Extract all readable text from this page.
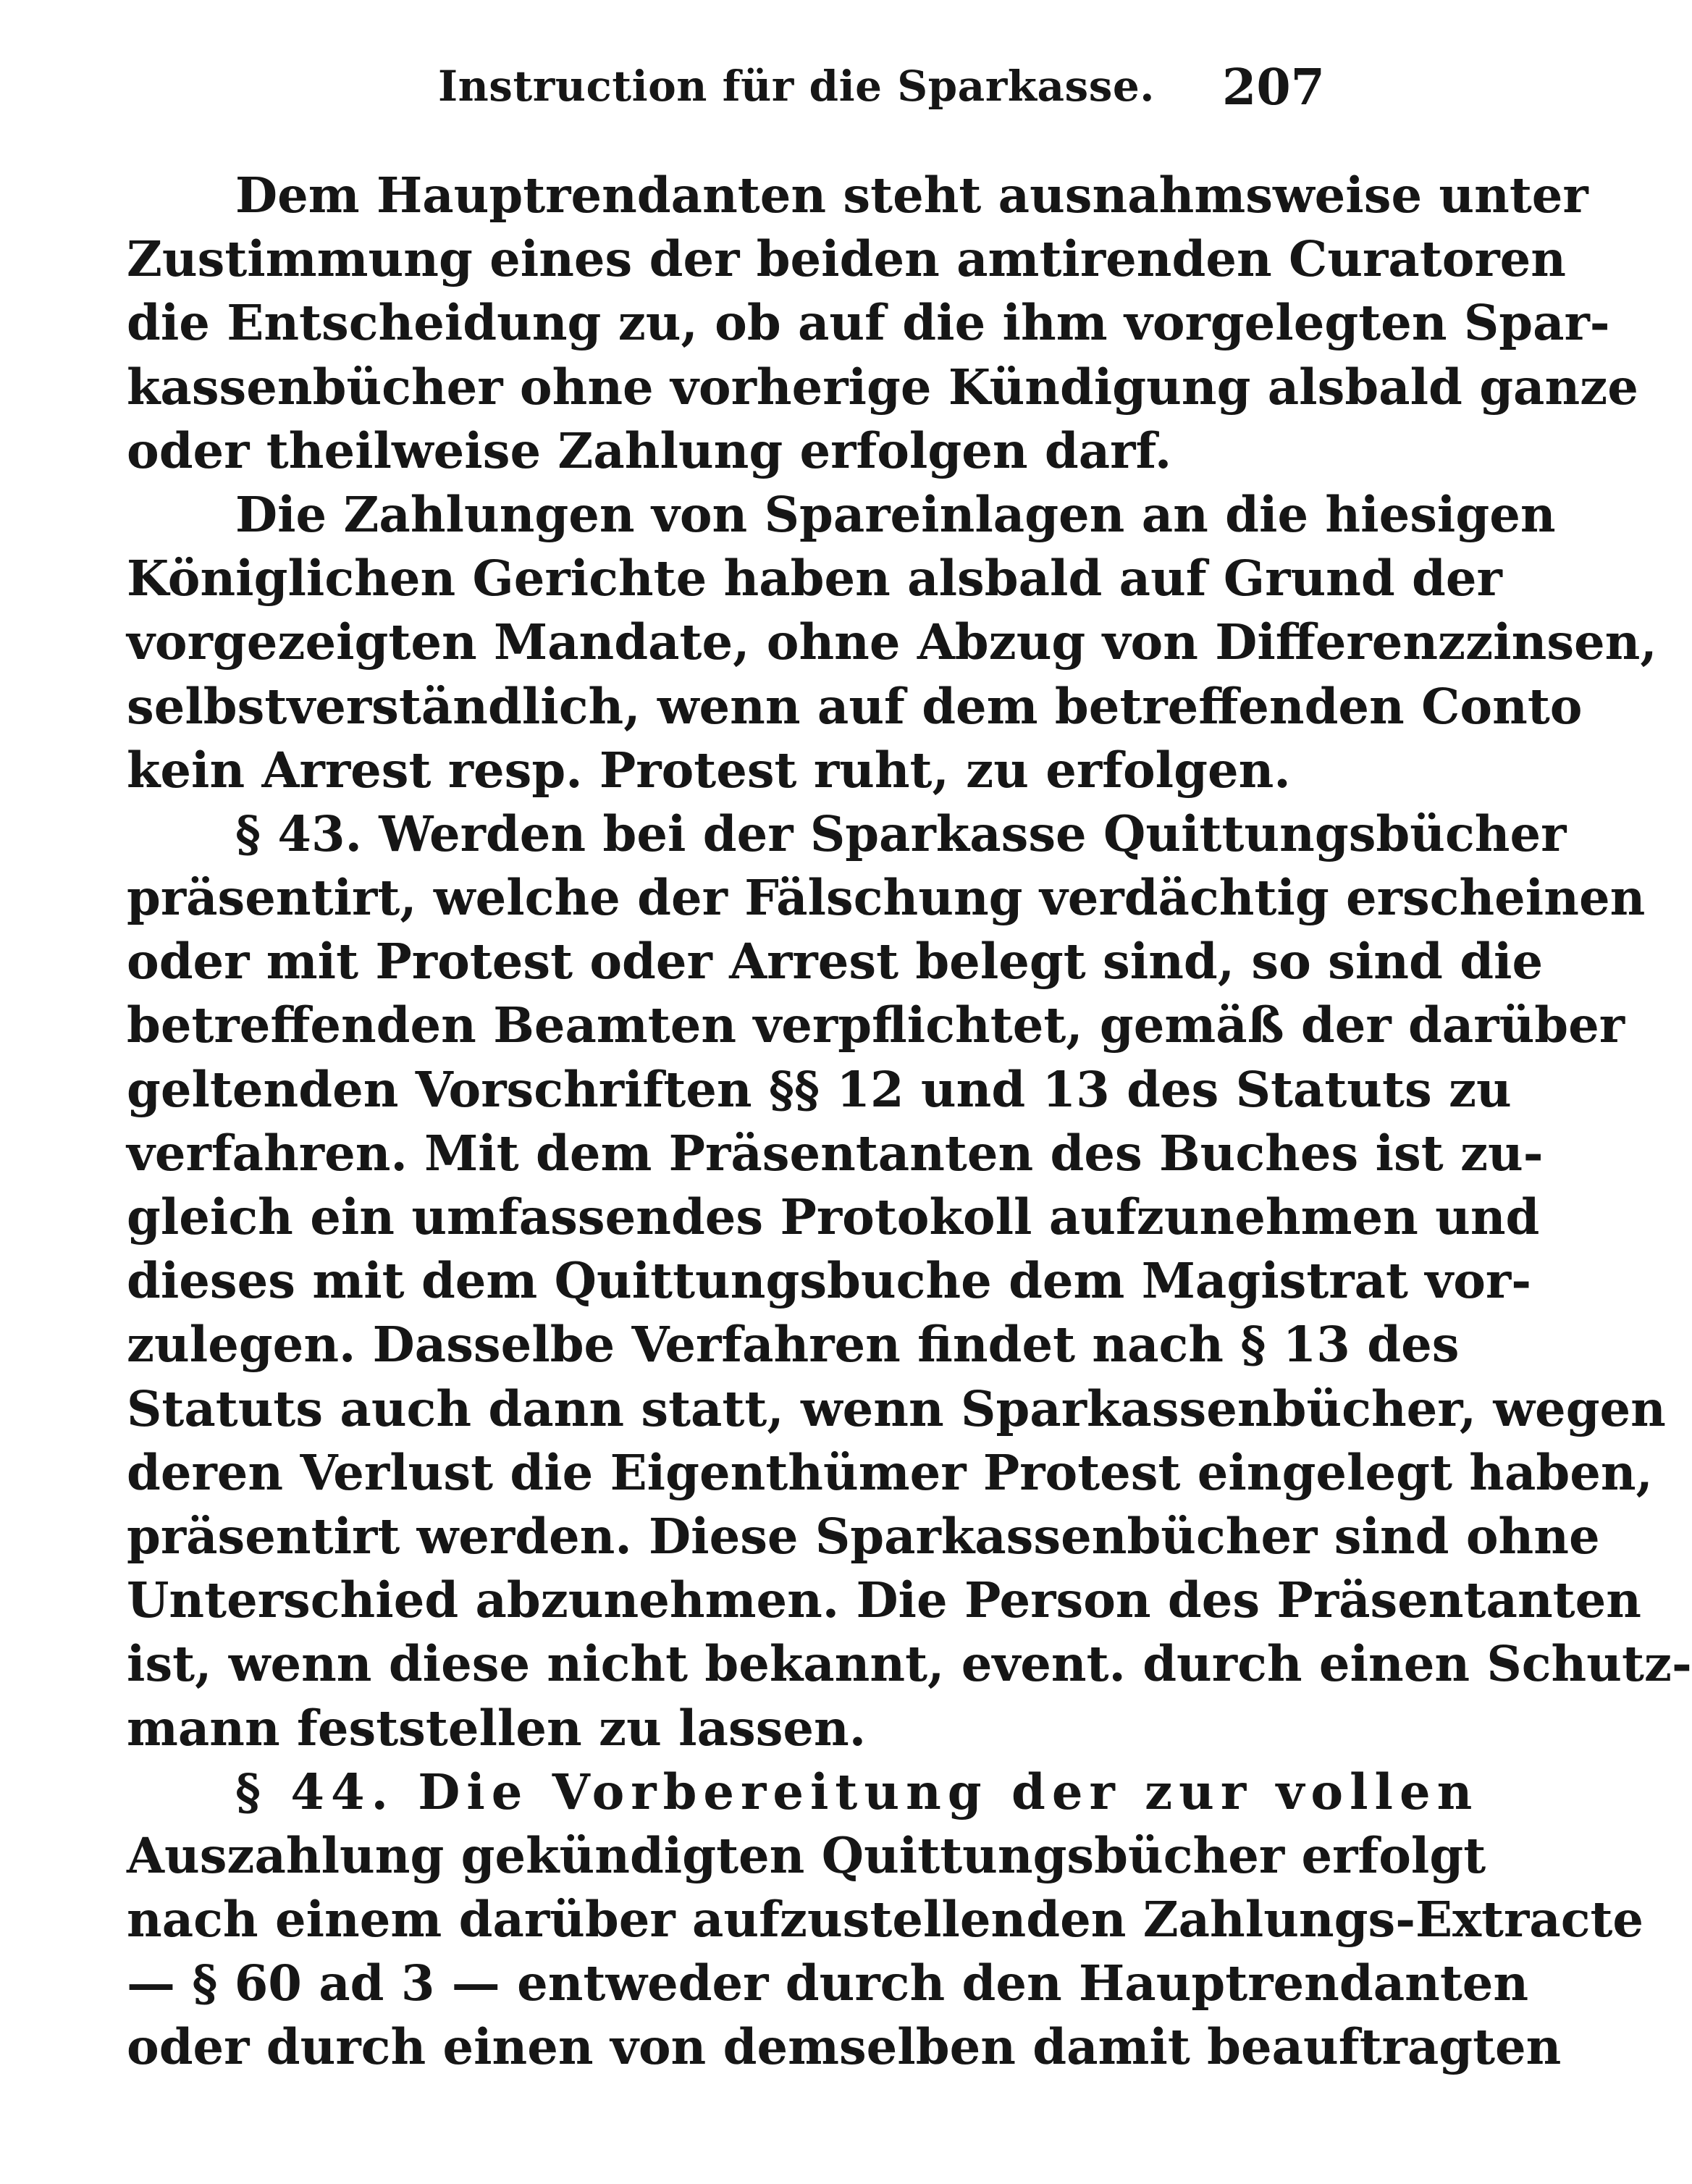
Instruction für die Sparkasse. 207
Dem Hauptrendanten steht ausnahmsweise unter
Zustimmung eines der beiden amtirenden Curatoren
die Entscheidung zu, ob auf die ihm vorgelegten Spar-
kassenbücher ohne vorherige Kündigung alsbald ganze
oder theilweise Zahlung erfolgen darf.
Die Zahlungen von Spareinlagen an die hiesigen
Königlichen Gerichte haben alsbald auf Grund der
vorgezeigten Mandate, ohne Abzug von Differenzzinsen,
selbstverständlich, wenn auf dem betreffenden Conto
kein Arrest resp. Protest ruht, zu erfolgen.
§ 43. Werden bei der Sparkasse Quittungsbücher
präsentirt, welche der Fälschung verdächtig erscheinen
oder mit Protest oder Arrest belegt sind, so sind die
betreffenden Beamten verpflichtet, gemäß der darüber
geltenden Vorschriften §§ 12 und 13 des Statuts zu
verfahren. Mit dem Präsentanten des Buches ist zu-
gleich ein umfassendes Protokoll aufzunehmen und
dieses mit dem Quittungsbuche dem Magistrat vor-
zulegen. Dasselbe Verfahren findet nach § 13 des
Statuts auch dann statt, wenn Sparkassenbücher, wegen
deren Verlust die Eigenthümer Protest eingelegt haben,
präsentirt werden. Diese Sparkassenbücher sind ohne
Unterschied abzunehmen. Die Person des Präsentanten
ist, wenn diese nicht bekannt, event. durch einen Schutz-
mann feststellen zu lassen.
§ 44. Die Vorbereitung der zur vollen
Auszahlung gekündigten Quittungsbücher erfolgt
nach einem darüber aufzustellenden Zahlungs-Extracte
— § 60 ad 3 — entweder durch den Hauptrendanten
oder durch einen von demselben damit beauftragten
